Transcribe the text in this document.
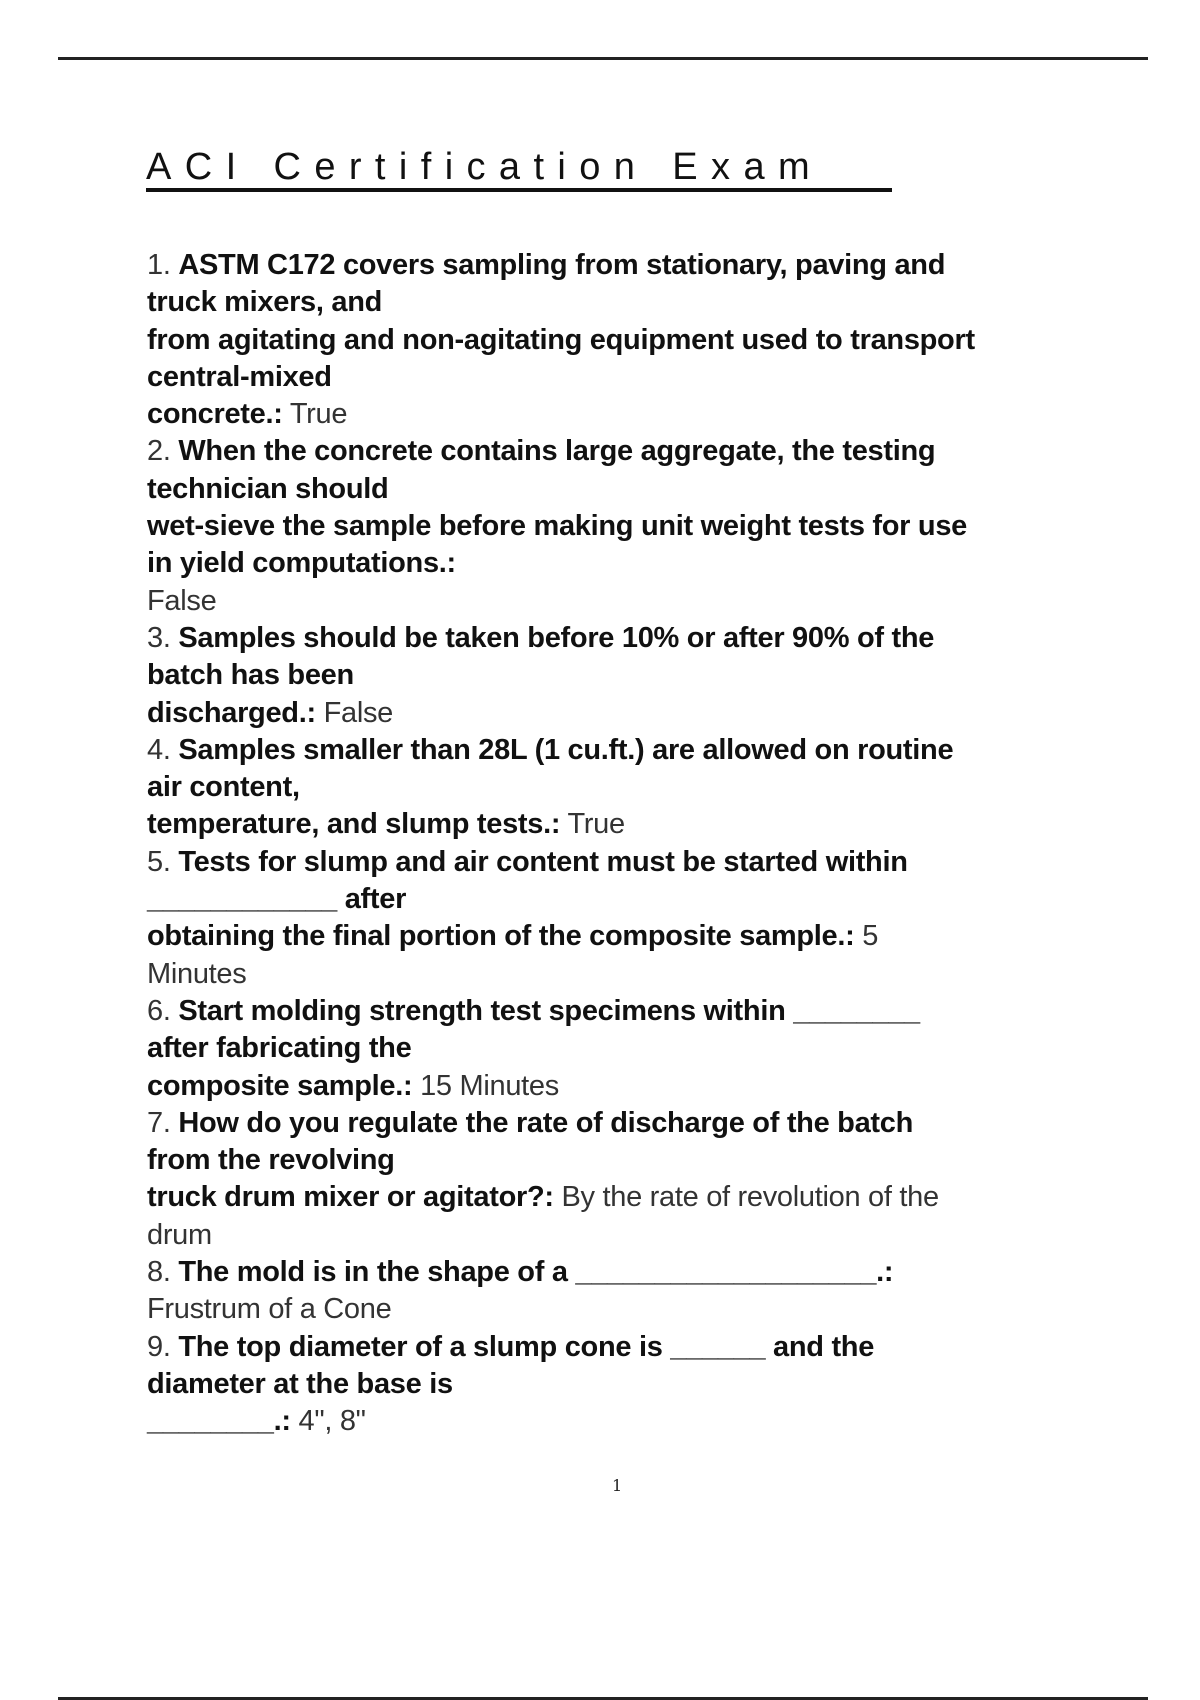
ACI Certification Exam
1. ASTM C172 covers sampling from stationary, paving and
truck mixers, and
from agitating and non-agitating equipment used to transport
central-mixed
concrete.: True
2. When the concrete contains large aggregate, the testing
technician should
wet-sieve the sample before making unit weight tests for use
in yield computations.:
False
3. Samples should be taken before 10% or after 90% of the
batch has been
discharged.: False
4. Samples smaller than 28L (1 cu.ft.) are allowed on routine
air content,
temperature, and slump tests.: True
5. Tests for slump and air content must be started within
____________ after
obtaining the final portion of the composite sample.: 5
Minutes
6. Start molding strength test specimens within ________
after fabricating the
composite sample.: 15 Minutes
7. How do you regulate the rate of discharge of the batch
from the revolving
truck drum mixer or agitator?: By the rate of revolution of the
drum
8. The mold is in the shape of a ___________________.:
Frustrum of a Cone
9. The top diameter of a slump cone is ______ and the
diameter at the base is
________.: 4", 8"
1
